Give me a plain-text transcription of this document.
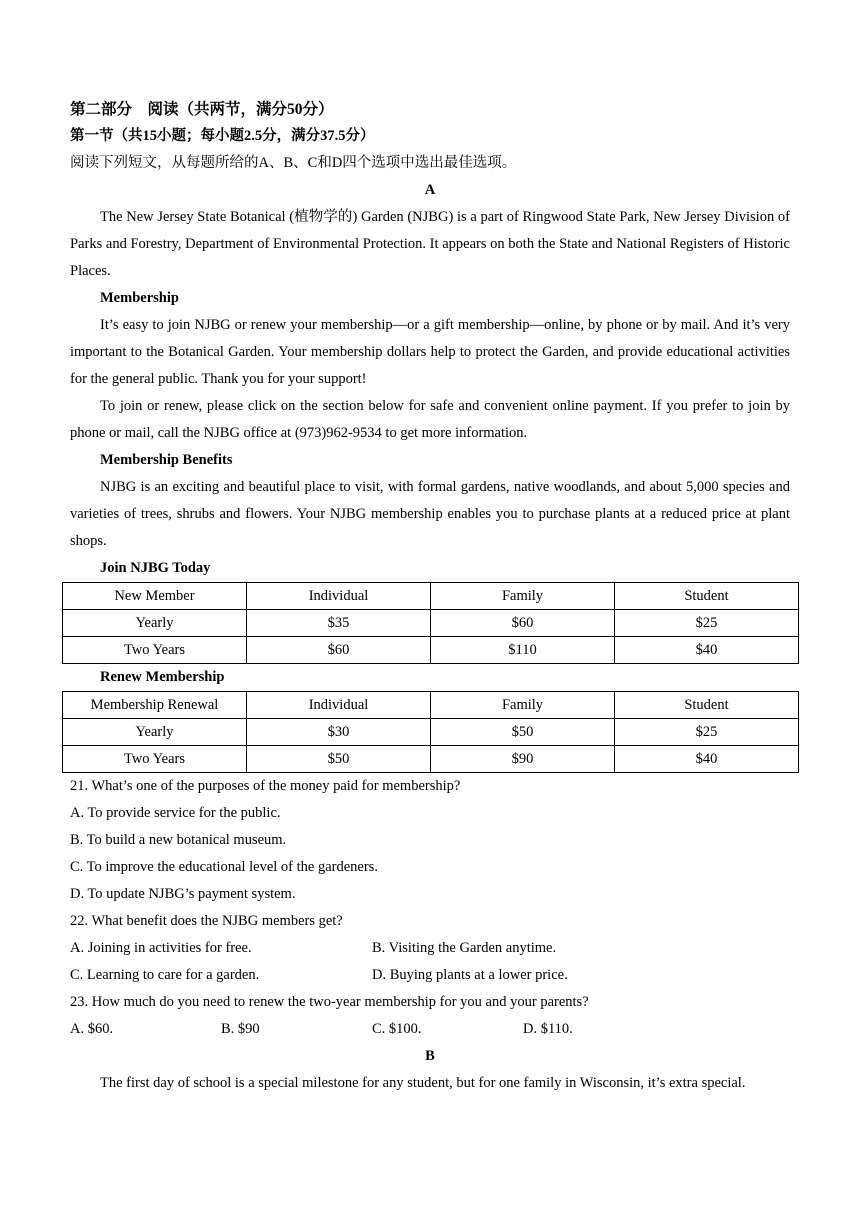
第二部分　阅读（共两节，满分50分）
第一节（共15小题；每小题2.5分，满分37.5分）
阅读下列短文，从每题所给的A、B、C和D四个选项中选出最佳选项。
A
The New Jersey State Botanical (植物学的) Garden (NJBG) is a part of Ringwood State Park, New Jersey Division of Parks and Forestry, Department of Environmental Protection. It appears on both the State and National Registers of Historic Places.
Membership
It’s easy to join NJBG or renew your membership—or a gift membership—online, by phone or by mail. And it’s very important to the Botanical Garden. Your membership dollars help to protect the Garden, and provide educational activities for the general public. Thank you for your support!
To join or renew, please click on the section below for safe and convenient online payment. If you prefer to join by phone or mail, call the NJBG office at (973)962-9534 to get more information.
Membership Benefits
NJBG is an exciting and beautiful place to visit, with formal gardens, native woodlands, and about 5,000 species and varieties of trees, shrubs and flowers. Your NJBG membership enables you to purchase plants at a reduced price at plant shops.
Join NJBG Today
New Member	Individual	Family	Student
Yearly	$35	$60	$25
Two Years	$60	$110	$40
Renew Membership
Membership Renewal	Individual	Family	Student
Yearly	$30	$50	$25
Two Years	$50	$90	$40
21. What’s one of the purposes of the money paid for membership?
A. To provide service for the public.
B. To build a new botanical museum.
C. To improve the educational level of the gardeners.
D. To update NJBG’s payment system.
22. What benefit does the NJBG members get?
A. Joining in activities for free.	B. Visiting the Garden anytime.
C. Learning to care for a garden.	D. Buying plants at a lower price.
23. How much do you need to renew the two-year membership for you and your parents?
A. $60.	B. $90	C. $100.	D. $110.
B
The first day of school is a special milestone for any student, but for one family in Wisconsin, it’s extra special.
